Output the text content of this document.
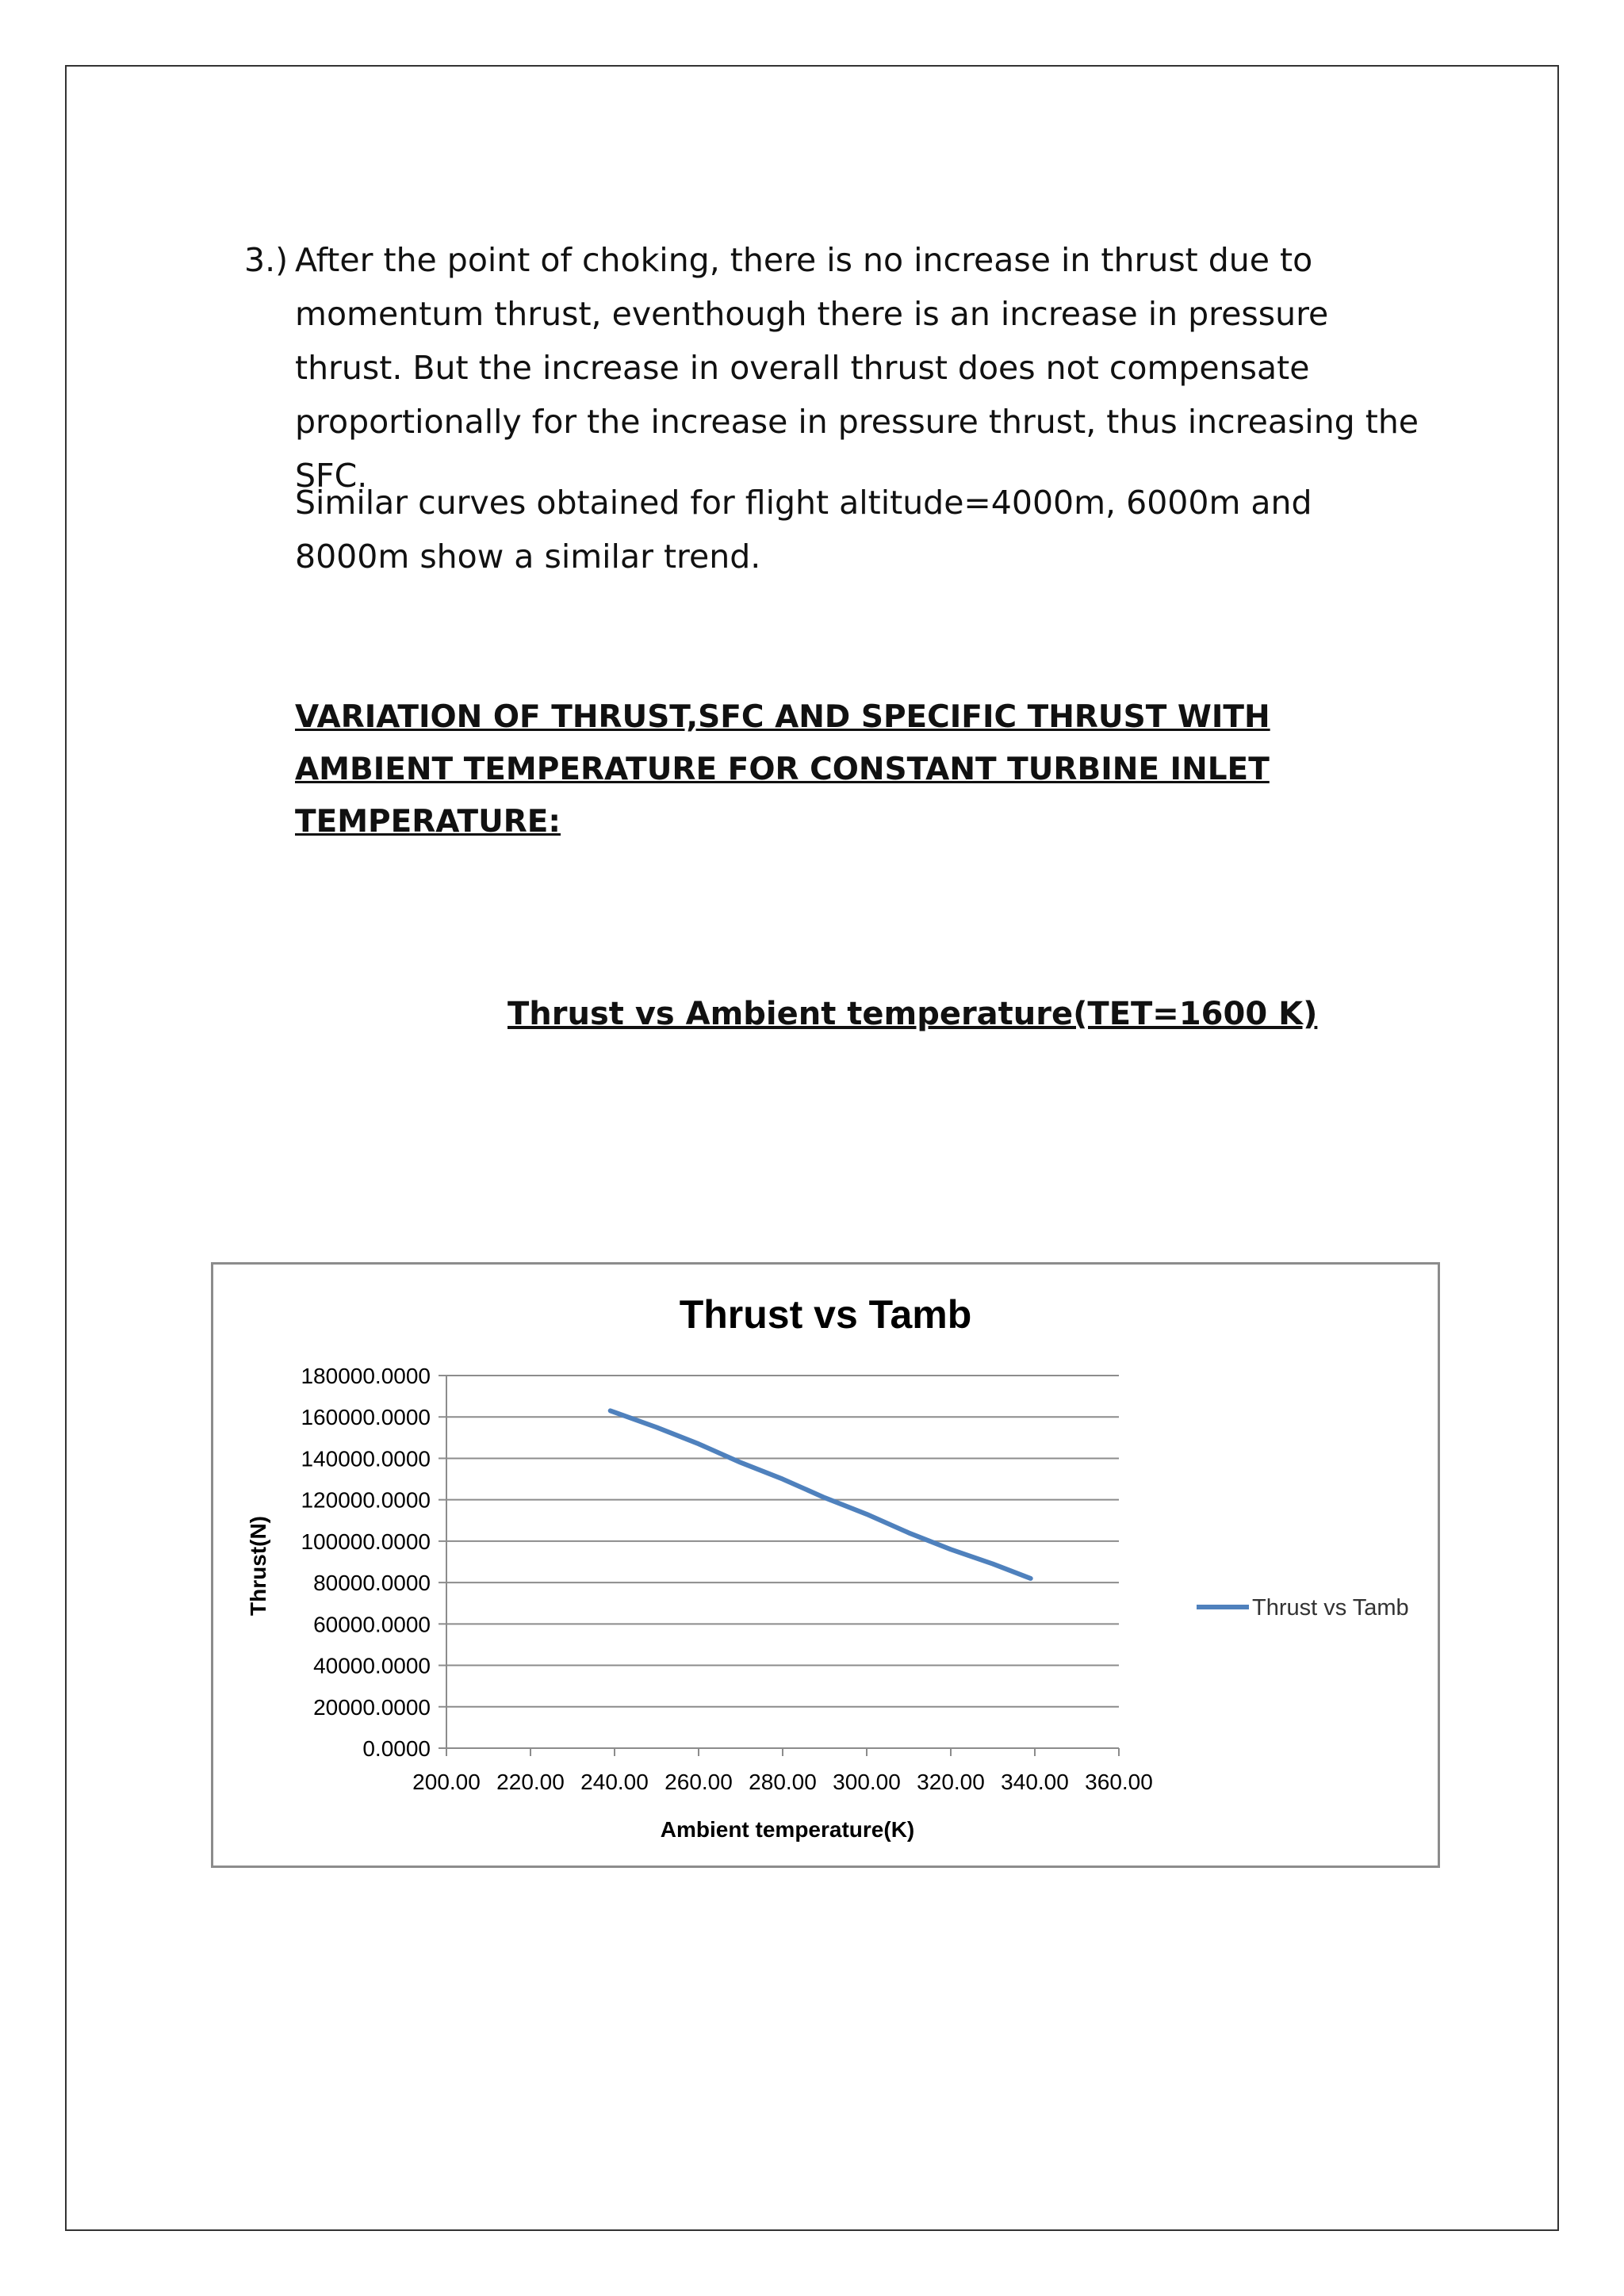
3.) After the point of choking, there is no increase in thrust due to momentum thrust, eventhough there is an increase in pressure thrust. But the increase in overall thrust does not compensate proportionally for the increase in pressure thrust, thus increasing the SFC.

Similar curves obtained for flight altitude=4000m, 6000m and 8000m show a similar trend.

VARIATION OF THRUST,SFC AND SPECIFIC THRUST WITH AMBIENT TEMPERATURE FOR CONSTANT TURBINE INLET TEMPERATURE:
Thrust vs Ambient temperature(TET=1600 K)
Thrust vs Tamb
0.0000
20000.0000
40000.0000
60000.0000
80000.0000
100000.0000
120000.0000
140000.0000
160000.0000
180000.0000
200.00 220.00 240.00 260.00 280.00 300.00 320.00 340.00 360.00
Ambient temperature(K)
Thrust(N)	Thrust vs Tamb
